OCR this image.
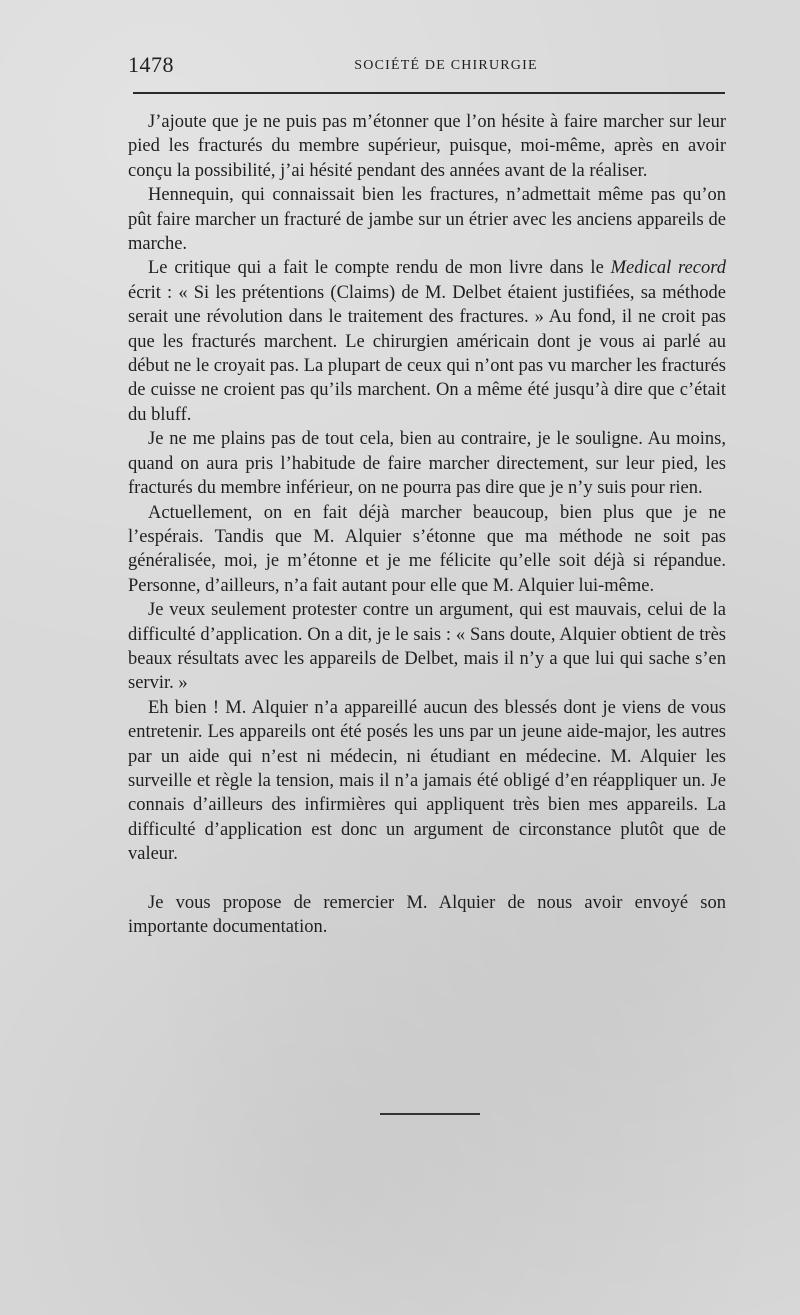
1478	SOCIÉTÉ DE CHIRURGIE

J’ajoute que je ne puis pas m’étonner que l’on hésite à faire marcher sur leur pied les fracturés du membre supérieur, puisque, moi-même, après en avoir conçu la possibilité, j’ai hésité pendant des années avant de la réaliser.

Hennequin, qui connaissait bien les fractures, n’admettait même pas qu’on pût faire marcher un fracturé de jambe sur un étrier avec les anciens appareils de marche.

Le critique qui a fait le compte rendu de mon livre dans le Medical record écrit : « Si les prétentions (Claims) de M. Delbet étaient justifiées, sa méthode serait une révolution dans le traitement des fractures. » Au fond, il ne croit pas que les fracturés marchent. Le chirurgien américain dont je vous ai parlé au début ne le croyait pas. La plupart de ceux qui n’ont pas vu marcher les fracturés de cuisse ne croient pas qu’ils marchent. On a même été jusqu’à dire que c’était du bluff.

Je ne me plains pas de tout cela, bien au contraire, je le souligne. Au moins, quand on aura pris l’habitude de faire marcher directement, sur leur pied, les fracturés du membre inférieur, on ne pourra pas dire que je n’y suis pour rien.

Actuellement, on en fait déjà marcher beaucoup, bien plus que je ne l’espérais. Tandis que M. Alquier s’étonne que ma méthode ne soit pas généralisée, moi, je m’étonne et je me félicite qu’elle soit déjà si répandue. Personne, d’ailleurs, n’a fait autant pour elle que M. Alquier lui-même.

Je veux seulement protester contre un argument, qui est mauvais, celui de la difficulté d’application. On a dit, je le sais : « Sans doute, Alquier obtient de très beaux résultats avec les appareils de Delbet, mais il n’y a que lui qui sache s’en servir. »

Eh bien ! M. Alquier n’a appareillé aucun des blessés dont je viens de vous entretenir. Les appareils ont été posés les uns par un jeune aide-major, les autres par un aide qui n’est ni médecin, ni étudiant en médecine. M. Alquier les surveille et règle la tension, mais il n’a jamais été obligé d’en réappliquer un. Je connais d’ailleurs des infirmières qui appliquent très bien mes appareils. La difficulté d’application est donc un argument de circonstance plutôt que de valeur.

Je vous propose de remercier M. Alquier de nous avoir envoyé son importante documentation.
